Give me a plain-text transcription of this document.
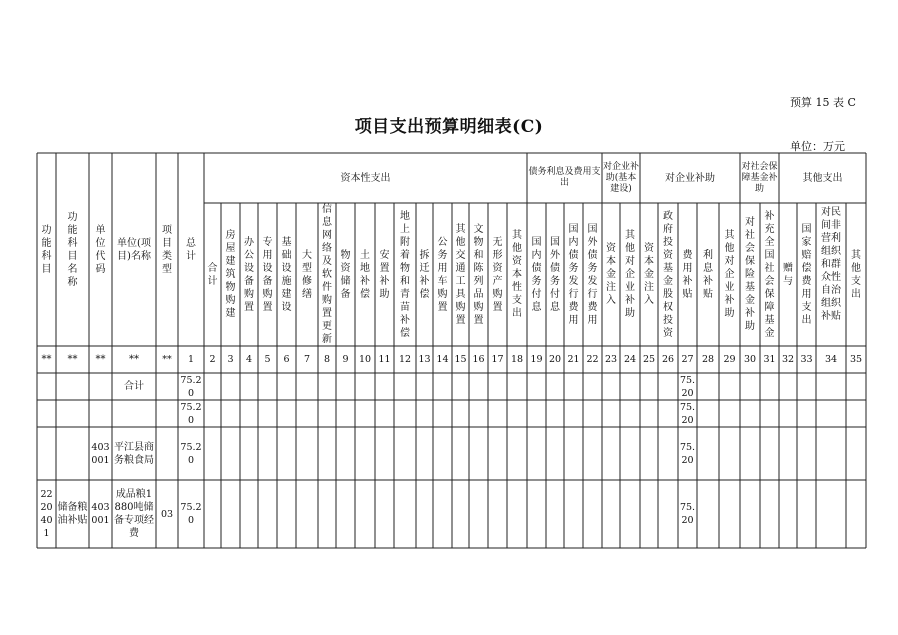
预算 15 表 C
项目支出预算明细表(C)
单位：万元
功能科目
功能科目名称
单位代码
单位(项目)名称
项目类型
总计
资本性支出
债务利息及费用支出
对企业补助(基本建设)
对企业补助
对社会保障基金补助
其他支出
合计
房屋建筑物购建
办公设备购置
专用设备购置
基础设施建设
大型修缮
信息网络及软件购置更新
物资储备
土地补偿
安置补助
地上附着物和青苗补偿
拆迁补偿
公务用车购置
其他交通工具购置
文物和陈列品购置
无形资产购置
其他资本性支出
国内债务付息
国外债务付息
国内债务发行费用
国外债务发行费用
资本金注入
其他对企业补助
资本金注入
政府投资基金股权投资
费用补贴
利息补贴
其他对企业补助
对社会保险基金补助
补充全国社会保障基金
赠与
国家赔偿费用支出
对民间非营利组织和群众性自治组织补贴
其他支出
** ** ** ** ** 1 2 3 4 5 6 7 8 9 10 11 12 13 14 15 16 17 18 19 20 21 22 23 24 25 26 27 28 29 30 31 32 33 34 35
合计
75.20
75.20
75.20
75.20
403001
平江县商务粮食局
75.20
75.20
2220401
储备粮油补贴
403001
成品粮1880吨储备专项经费
03
75.20
75.20
